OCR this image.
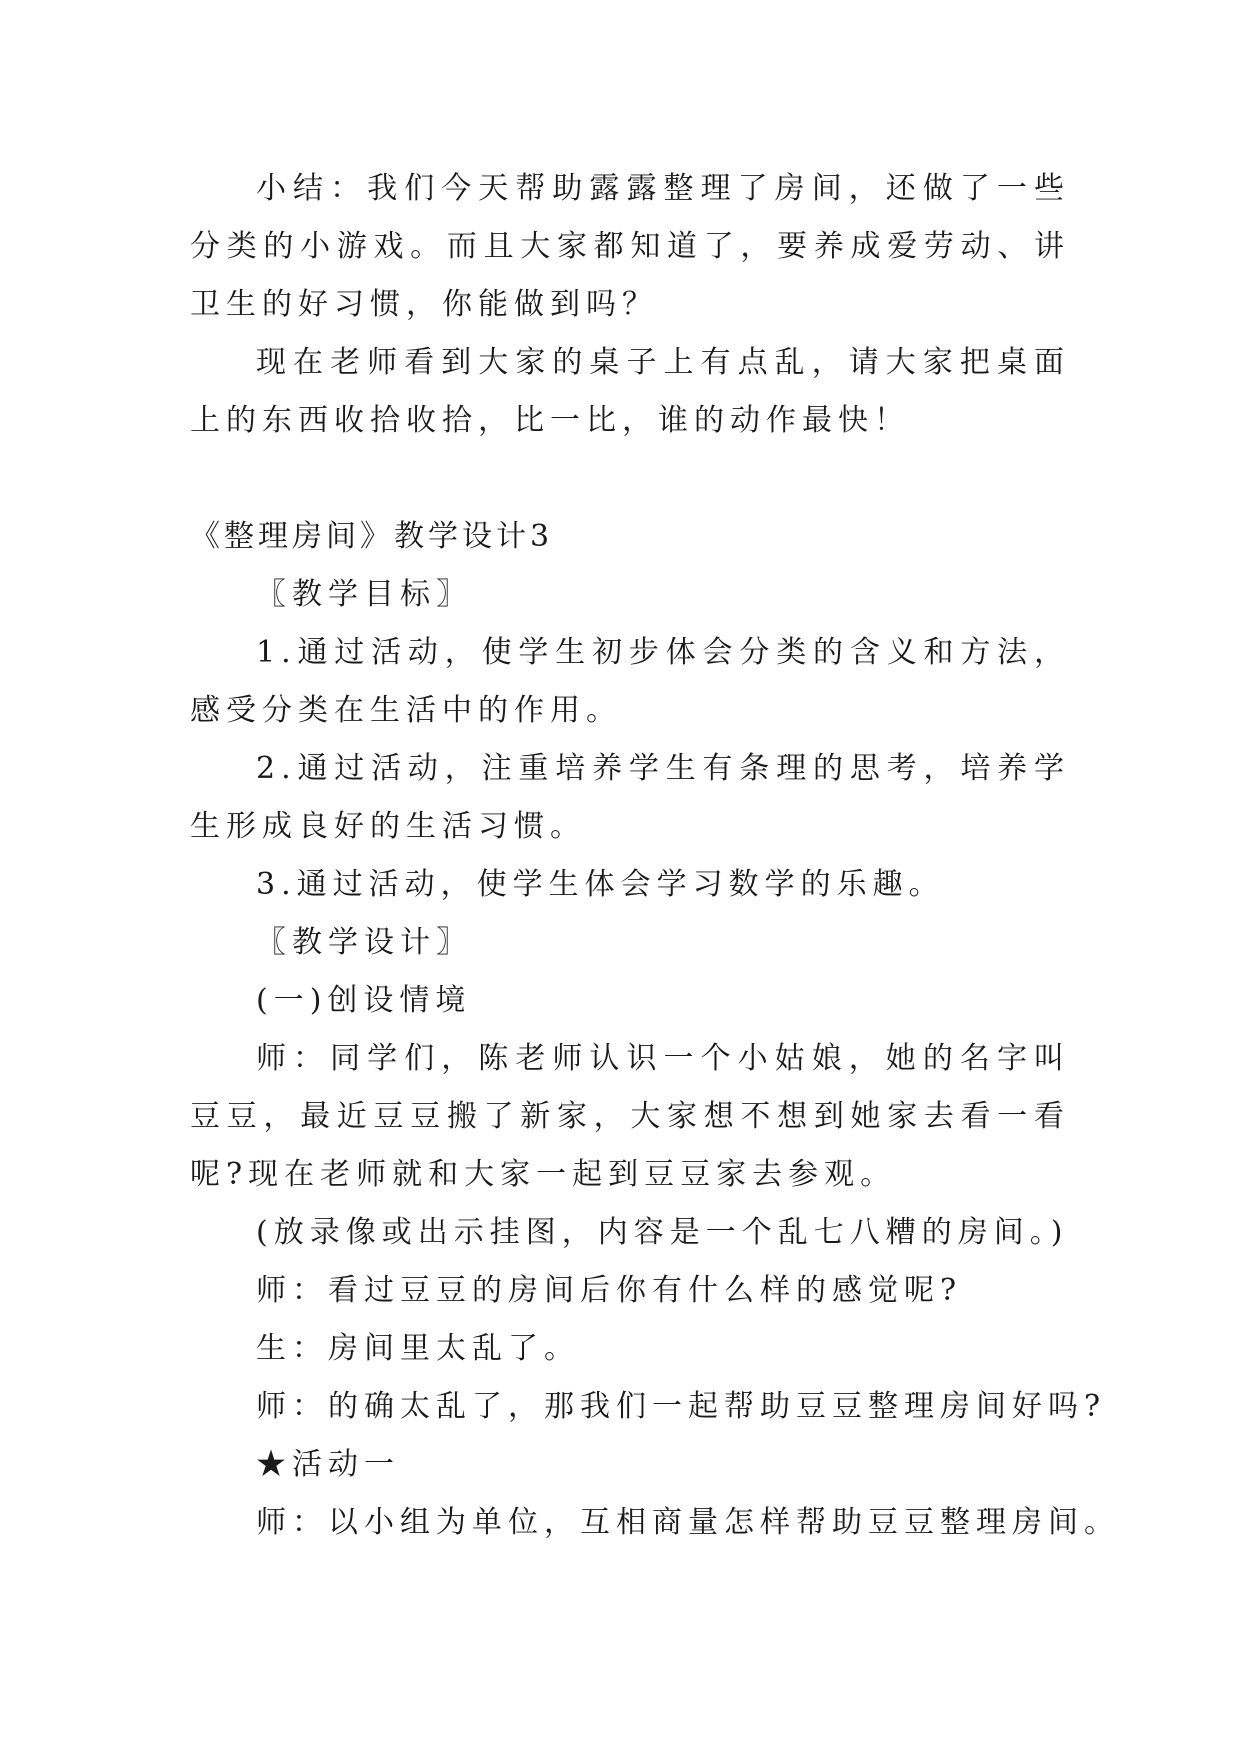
小结：我们今天帮助露露整理了房间，还做了一些分类的小游戏。而且大家都知道了，要养成爱劳动、讲卫生的好习惯，你能做到吗？

现在老师看到大家的桌子上有点乱，请大家把桌面上的东西收拾收拾，比一比，谁的动作最快！

《整理房间》教学设计3

〖教学目标〗

1.通过活动，使学生初步体会分类的含义和方法，感受分类在生活中的作用。

2.通过活动，注重培养学生有条理的思考，培养学生形成良好的生活习惯。

3.通过活动，使学生体会学习数学的乐趣。

〖教学设计〗

(一)创设情境

师：同学们，陈老师认识一个小姑娘，她的名字叫豆豆，最近豆豆搬了新家，大家想不想到她家去看一看呢?现在老师就和大家一起到豆豆家去参观。

(放录像或出示挂图，内容是一个乱七八糟的房间。)

师：看过豆豆的房间后你有什么样的感觉呢?

生：房间里太乱了。

师：的确太乱了，那我们一起帮助豆豆整理房间好吗?

★活动一

师：以小组为单位，互相商量怎样帮助豆豆整理房间。
